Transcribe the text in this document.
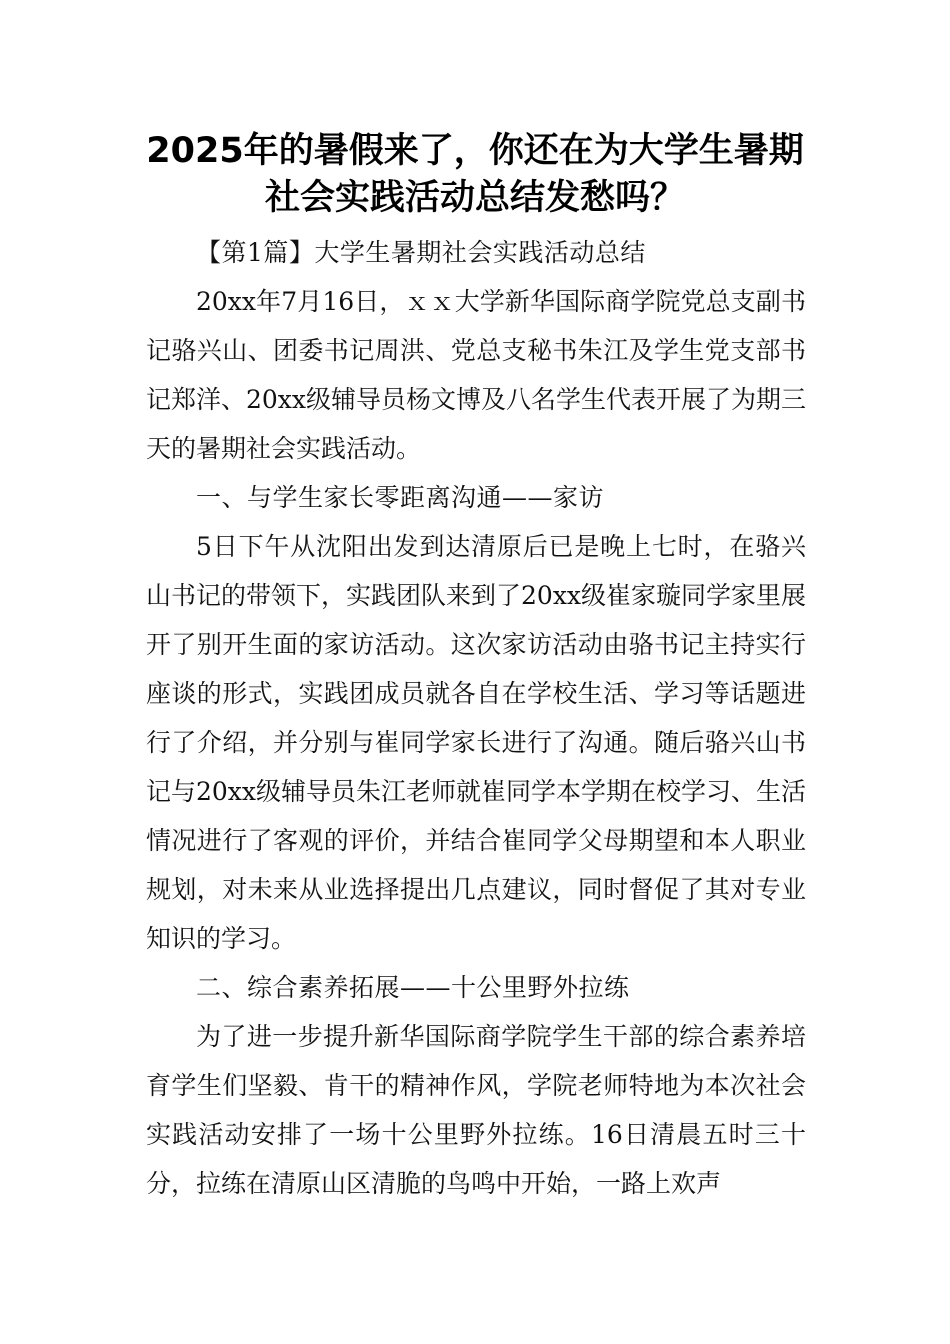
2025年的暑假来了，你还在为大学生暑期
社会实践活动总结发愁吗？

【第1篇】大学生暑期社会实践活动总结

20xx年7月16日，ｘｘ大学新华国际商学院党总支副书记骆兴山、团委书记周洪、党总支秘书朱江及学生党支部书记郑洋、20xx级辅导员杨文博及八名学生代表开展了为期三天的暑期社会实践活动。

一、与学生家长零距离沟通——家访

5日下午从沈阳出发到达清原后已是晚上七时，在骆兴山书记的带领下，实践团队来到了20xx级崔家璇同学家里展开了别开生面的家访活动。这次家访活动由骆书记主持实行座谈的形式，实践团成员就各自在学校生活、学习等话题进行了介绍，并分别与崔同学家长进行了沟通。随后骆兴山书记与20xx级辅导员朱江老师就崔同学本学期在校学习、生活情况进行了客观的评价，并结合崔同学父母期望和本人职业规划，对未来从业选择提出几点建议，同时督促了其对专业知识的学习。

二、综合素养拓展——十公里野外拉练

为了进一步提升新华国际商学院学生干部的综合素养培育学生们坚毅、肯干的精神作风，学院老师特地为本次社会实践活动安排了一场十公里野外拉练。16日清晨五时三十分，拉练在清原山区清脆的鸟鸣中开始，一路上欢声
